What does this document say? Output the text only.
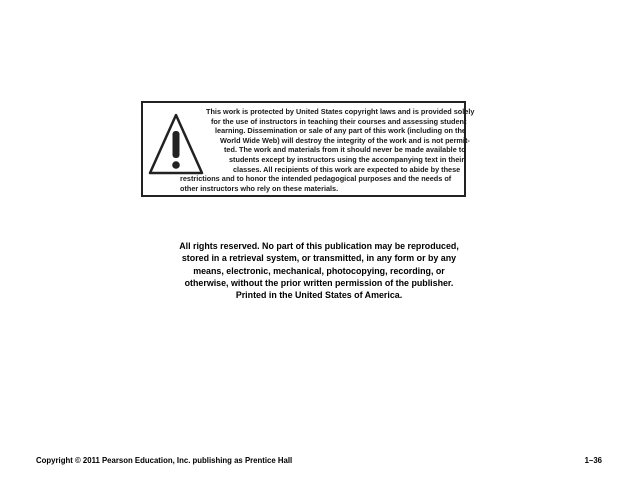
This work is protected by United States copyright laws and is provided solely
for the use of instructors in teaching their courses and assessing student
learning. Dissemination or sale of any part of this work (including on the
World Wide Web) will destroy the integrity of the work and is not permit-
ted. The work and materials from it should never be made available to
students except by instructors using the accompanying text in their
classes. All recipients of this work are expected to abide by these
restrictions and to honor the intended pedagogical purposes and the needs of
other instructors who rely on these materials.
All rights reserved. No part of this publication may be reproduced,
stored in a retrieval system, or transmitted, in any form or by any
means, electronic, mechanical, photocopying, recording, or
otherwise, without the prior written permission of the publisher.
Printed in the United States of America.
Copyright © 2011 Pearson Education, Inc. publishing as Prentice Hall	1–36
